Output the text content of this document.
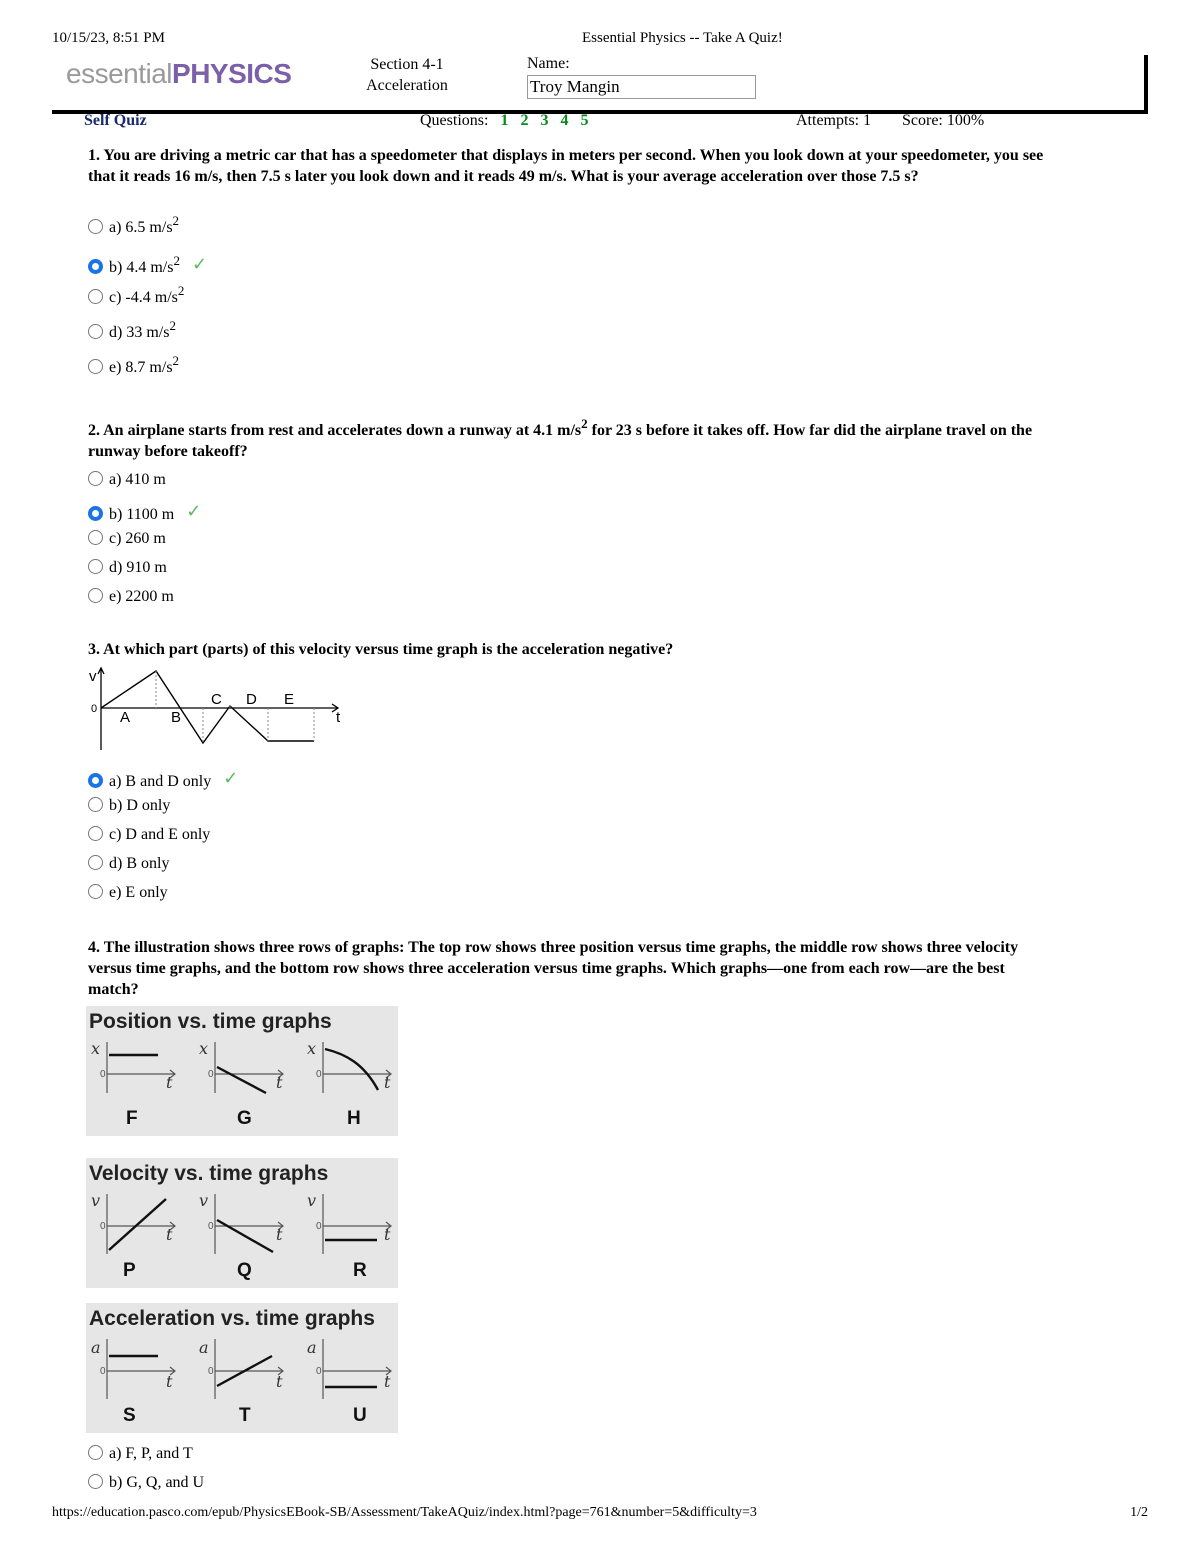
10/15/23, 8:51 PM	Essential Physics -- Take A Quiz!
essentialPHYSICS	Section 4-1
Acceleration
Name:
Troy Mangin
Self Quiz	Questions: 1 2 3 4 5	Attempts: 1 Score: 100%

1. You are driving a metric car that has a speedometer that displays in meters per second. When you look down at your speedometer, you see that it reads 16 m/s, then 7.5 s later you look down and it reads 49 m/s. What is your average acceleration over those 7.5 s?

a) 6.5 $m/s^2$
b) 4.4 $m/s^2$ ✓
c) -4.4 $m/s^2$
d) 33 $m/s^2$
e) 8.7 $m/s^2$

2. An airplane starts from rest and accelerates down a runway at 4.1 $m/s^2$ for 23 s before it takes off. How far did the airplane travel on the runway before takeoff?

a) 410 m
b) 1100 m ✓
c) 260 m
d) 910 m
e) 2200 m

3. At which part (parts) of this velocity versus time graph is the acceleration negative?

v
0	t
A	B
C D E
a) B and D only ✓
b) D only
c) D and E only
d) B only
e) E only

4. The illustration shows three rows of graphs: The top row shows three position versus time graphs, the middle row shows three velocity versus time graphs, and the bottom row shows three acceleration versus time graphs. Which graphs—one from each row—are the best match?

Position vs. time graphs
x	x	x
t	t	t
0	0	0
F	G	H
Velocity vs. time graphs
v	v	v
t	t	t
0	0	0
P	Q	R
Acceleration vs. time graphs
a	a	a
t	t	t
0	0	0
S	T	U
a) F, P, and T
b) G, Q, and U
https://education.pasco.com/epub/PhysicsEBook-SB/Assessment/TakeAQuiz/index.html?page=761&number=5&difficulty=3	1/2
